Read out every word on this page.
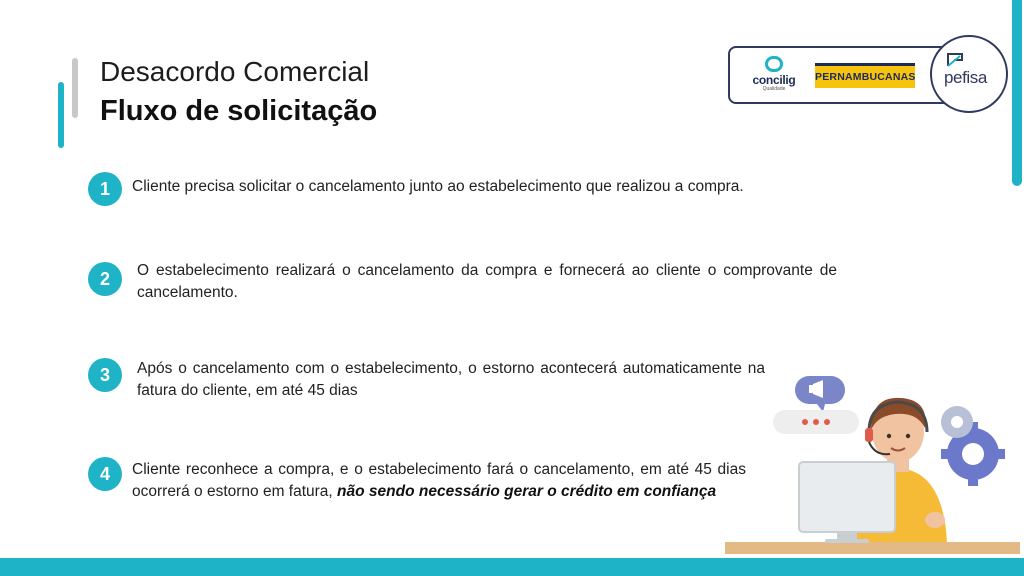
Desacordo Comercial
Fluxo de solicitação
concilig
Qualidade
PERNAMBUCANAS pefisa
1	Cliente precisa solicitar o cancelamento junto ao estabelecimento que realizou a compra.
2	O estabelecimento realizará o cancelamento da compra e fornecerá ao cliente o comprovante de cancelamento.
3	Após o cancelamento com o estabelecimento, o estorno acontecerá automaticamente na fatura do cliente, em até 45 dias
4	Cliente reconhece a compra, e o estabelecimento fará o cancelamento, em até 45 dias ocorrerá o estorno em fatura, não sendo necessário gerar o crédito em confiança
